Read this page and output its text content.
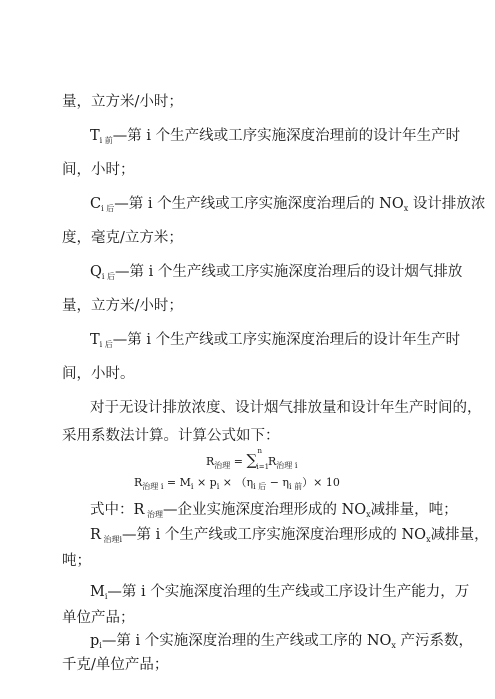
量，立方米/小时；
$T_{i 前}—$第 i 个生产线或工序实施深度治理前的设计年生产时
间，小时；
$C_{i 后}—$第 i 个生产线或工序实施深度治理后的 $NO_x$ 设计排放浓
度，毫克/立方米；
$Q_{i 后}—$第 i 个生产线或工序实施深度治理后的设计烟气排放
量，立方米/小时；
$T_{i 后}—$第 i 个生产线或工序实施深度治理后的设计年生产时
间，小时。
对于无设计排放浓度、设计烟气排放量和设计年生产时间的，
采用系数法计算。计算公式如下：
$R_{治理}$ = ∑ n
i=1
$R_{治理 i}$
$R_{治理 i} = M_i \times p_i \times (\eta_{i 后} - \eta_{i 前})\times 10$
式中：R $_{治理}$—企业实施深度治理形成的 $NO_x$减排量，吨；
R $_{治理i}$—第 i 个生产线或工序实施深度治理形成的 $NO_x$减排量，
吨；
$M_i—$第 i 个实施深度治理的生产线或工序设计生产能力，万
单位产品；
$p_i—$第 i 个实施深度治理的生产线或工序的 $NO_x$ 产污系数，
千克/单位产品；
